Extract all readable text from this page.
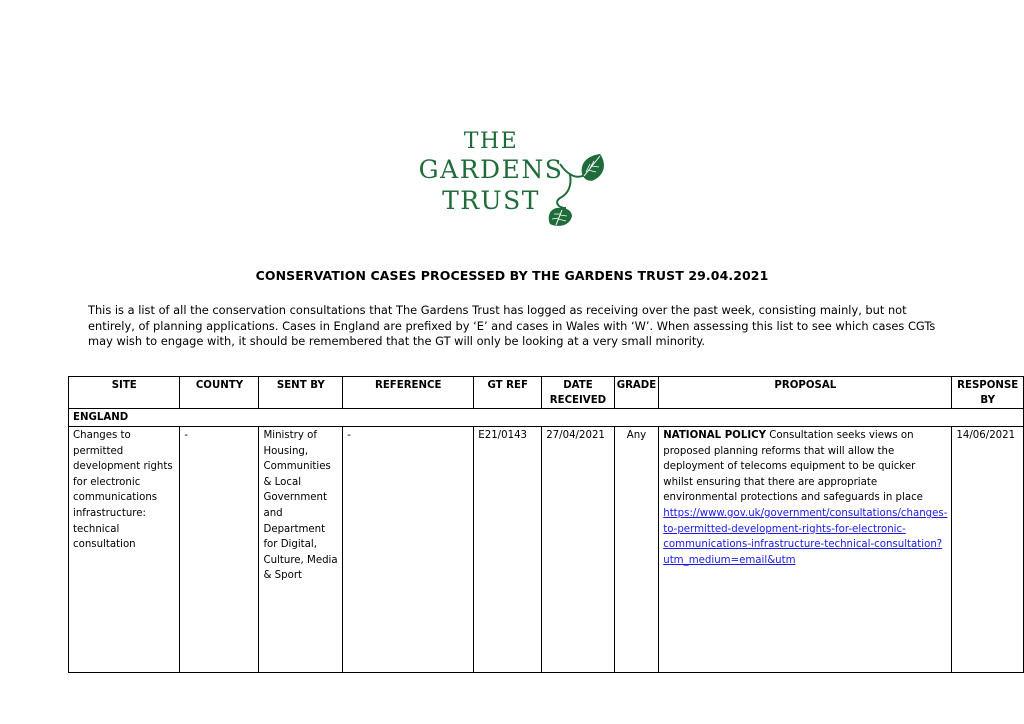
THE
GARDENS
TRUST
CONSERVATION CASES PROCESSED BY THE GARDENS TRUST 29.04.2021

This is a list of all the conservation consultations that The Gardens Trust has logged as receiving over the past week, consisting mainly, but not entirely, of planning applications. Cases in England are prefixed by ‘E’ and cases in Wales with ‘W’. When assessing this list to see which cases CGTs may wish to engage with, it should be remembered that the GT will only be looking at a very small minority.

SITE	COUNTY	SENT BY	REFERENCE	GT REF	DATE RECEIVED	GRADE	PROPOSAL	RESPONSE BY
ENGLAND								
Changes to permitted development rights for electronic communications infrastructure: technical consultation	-	Ministry of Housing, Communities & Local Government and Department for Digital, Culture, Media & Sport	-	E21/0143	27/04/2021	Any	NATIONAL POLICY Consultation seeks views on proposed planning reforms that will allow the deployment of telecoms equipment to be quicker whilst ensuring that there are appropriate environmental protections and safeguards in place https://www.gov.uk/government/consultations/changes-to-permitted-development-rights-for-electronic-communications-infrastructure-technical-consultation?utm_medium=email&utm	14/06/2021
